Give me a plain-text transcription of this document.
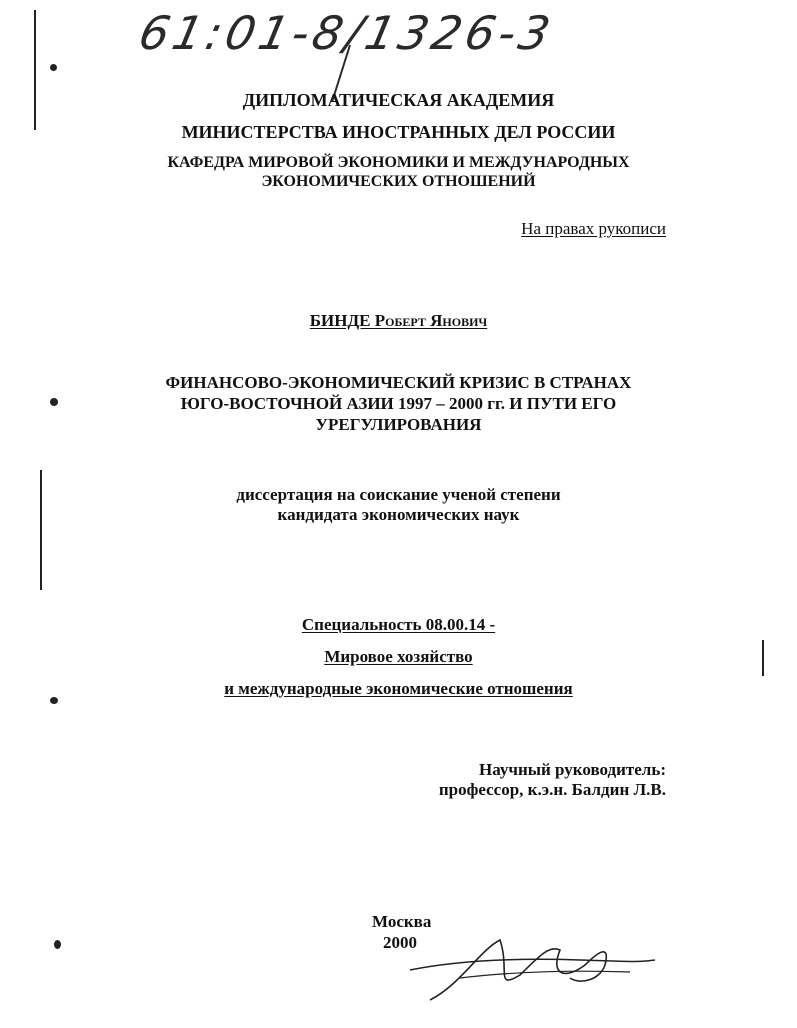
61:01-8/1326-3
ДИПЛОМАТИЧЕСКАЯ АКАДЕМИЯ
МИНИСТЕРСТВА ИНОСТРАННЫХ ДЕЛ РОССИИ
КАФЕДРА МИРОВОЙ ЭКОНОМИКИ И МЕЖДУНАРОДНЫХ
ЭКОНОМИЧЕСКИХ ОТНОШЕНИЙ
На правах рукописи
БИНДЕ Роберт Янович
ФИНАНСОВО-ЭКОНОМИЧЕСКИЙ КРИЗИС В СТРАНАХ
ЮГО-ВОСТОЧНОЙ АЗИИ 1997 – 2000 гг. И ПУТИ ЕГО
УРЕГУЛИРОВАНИЯ
диссертация на соискание ученой степени
кандидата экономических наук
Специальность 08.00.14 -
Мировое хозяйство
и международные экономические отношения
Научный руководитель:
профессор, к.э.н. Балдин Л.В.
Москва
2000
